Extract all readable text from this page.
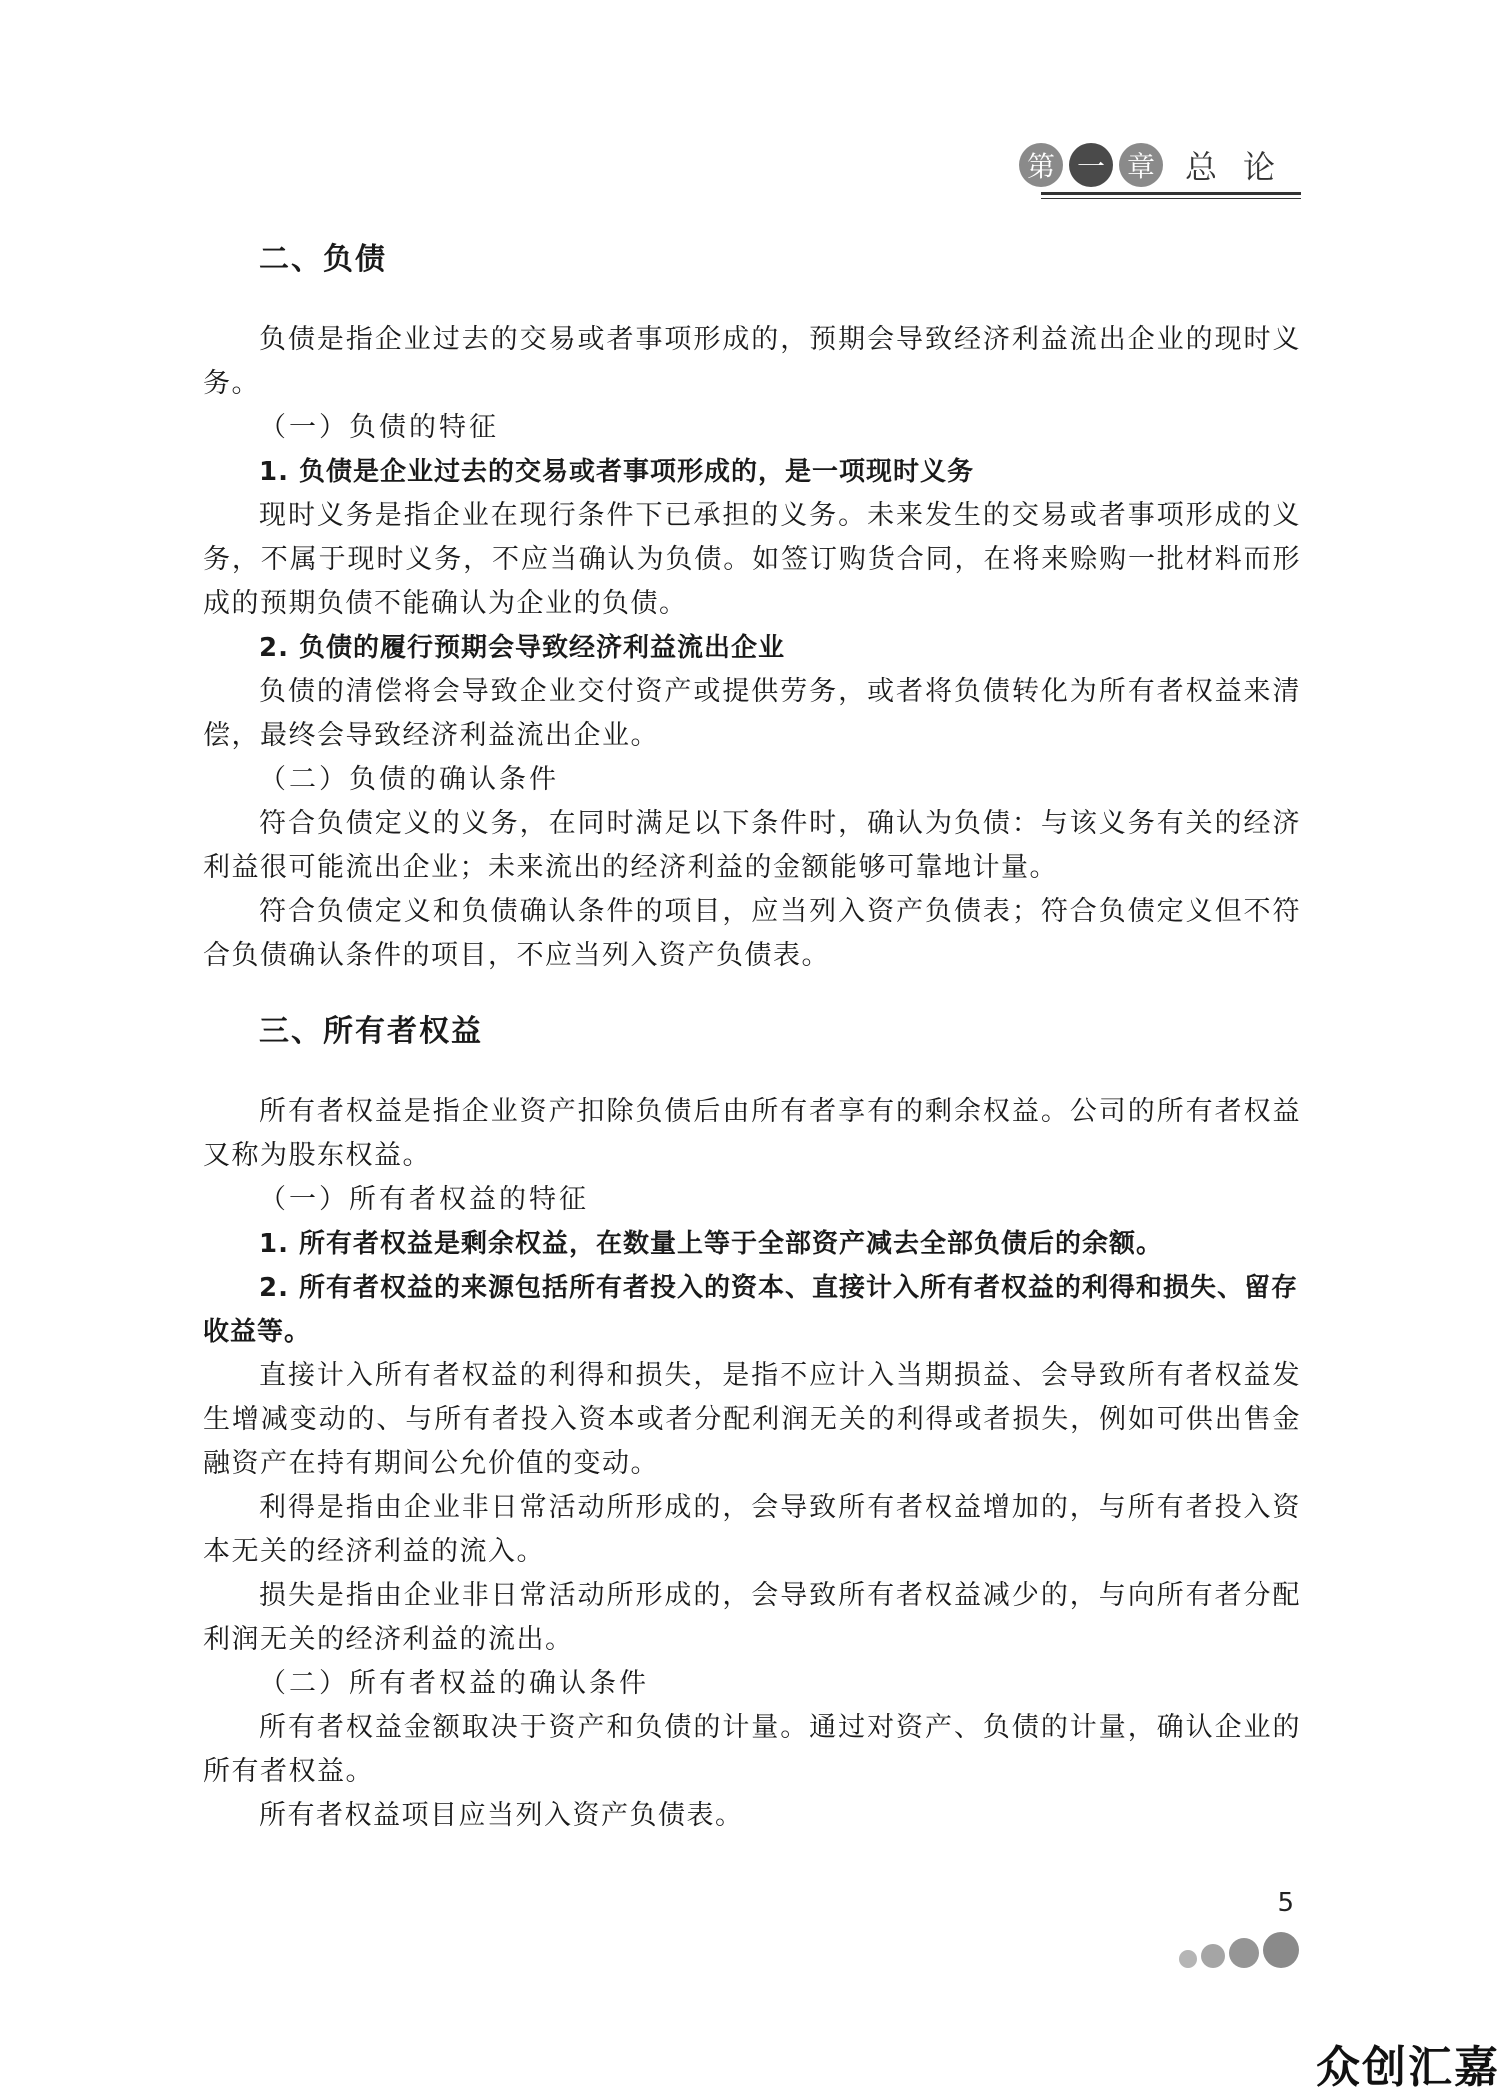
第 一 章 总论
二、负债

负债是指企业过去的交易或者事项形成的，预期会导致经济利益流出企业的现时义务。

（一）负债的特征
1. 负债是企业过去的交易或者事项形成的，是一项现时义务

现时义务是指企业在现行条件下已承担的义务。未来发生的交易或者事项形成的义务，不属于现时义务，不应当确认为负债。如签订购货合同，在将来赊购一批材料而形成的预期负债不能确认为企业的负债。

2. 负债的履行预期会导致经济利益流出企业

负债的清偿将会导致企业交付资产或提供劳务，或者将负债转化为所有者权益来清偿，最终会导致经济利益流出企业。

（二）负债的确认条件

符合负债定义的义务，在同时满足以下条件时，确认为负债：与该义务有关的经济利益很可能流出企业；未来流出的经济利益的金额能够可靠地计量。

符合负债定义和负债确认条件的项目，应当列入资产负债表；符合负债定义但不符合负债确认条件的项目，不应当列入资产负债表。

三、所有者权益

所有者权益是指企业资产扣除负债后由所有者享有的剩余权益。公司的所有者权益又称为股东权益。

（一）所有者权益的特征
1. 所有者权益是剩余权益，在数量上等于全部资产减去全部负债后的余额。
2. 所有者权益的来源包括所有者投入的资本、直接计入所有者权益的利得和损失、留存收益等。

直接计入所有者权益的利得和损失，是指不应计入当期损益、会导致所有者权益发生增减变动的、与所有者投入资本或者分配利润无关的利得或者损失，例如可供出售金融资产在持有期间公允价值的变动。

利得是指由企业非日常活动所形成的，会导致所有者权益增加的，与所有者投入资本无关的经济利益的流入。

损失是指由企业非日常活动所形成的，会导致所有者权益减少的，与向所有者分配利润无关的经济利益的流出。

（二）所有者权益的确认条件

所有者权益金额取决于资产和负债的计量。通过对资产、负债的计量，确认企业的所有者权益。

所有者权益项目应当列入资产负债表。

5
众创汇嘉
